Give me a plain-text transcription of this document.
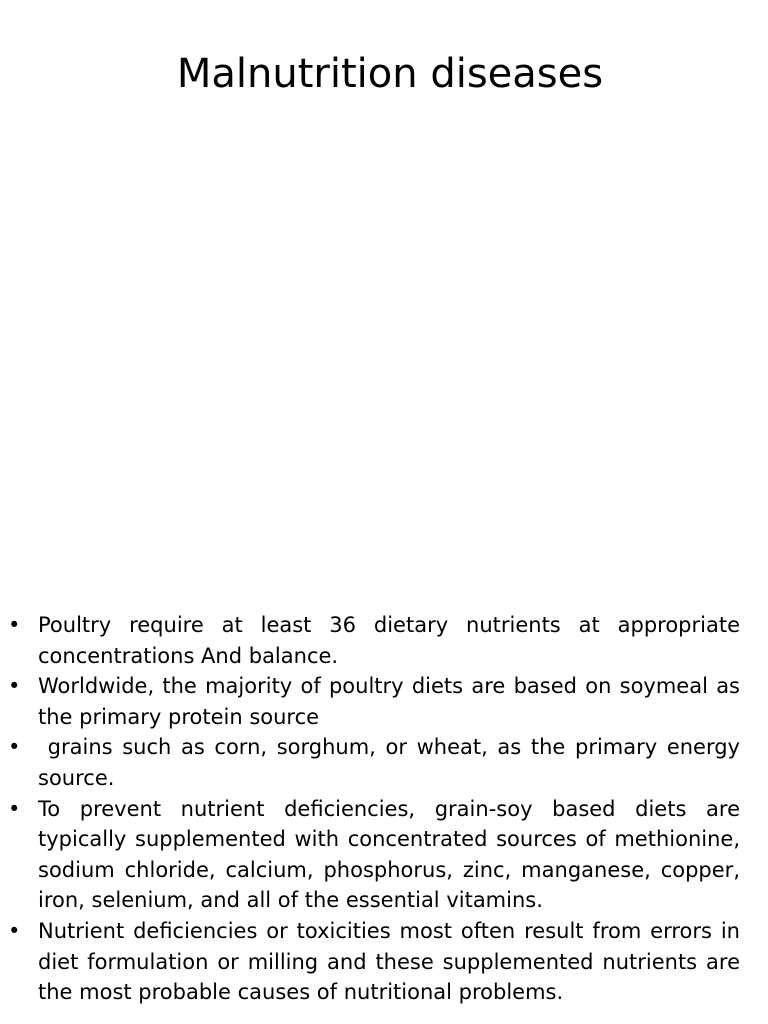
Malnutrition diseases
• Poultry require at least 36 dietary nutrients at appropriate concentrations And balance.
• Worldwide, the majority of poultry diets are based on soymeal as the primary protein source
• grains such as corn, sorghum, or wheat, as the primary energy source.
• To prevent nutrient deficiencies, grain-soy based diets are typically supplemented with concentrated sources of methionine, sodium chloride, calcium, phosphorus, zinc, manganese, copper, iron, selenium, and all of the essential vitamins.
• Nutrient deficiencies or toxicities most often result from errors in diet formulation or milling and these supplemented nutrients are the most probable causes of nutritional problems.
